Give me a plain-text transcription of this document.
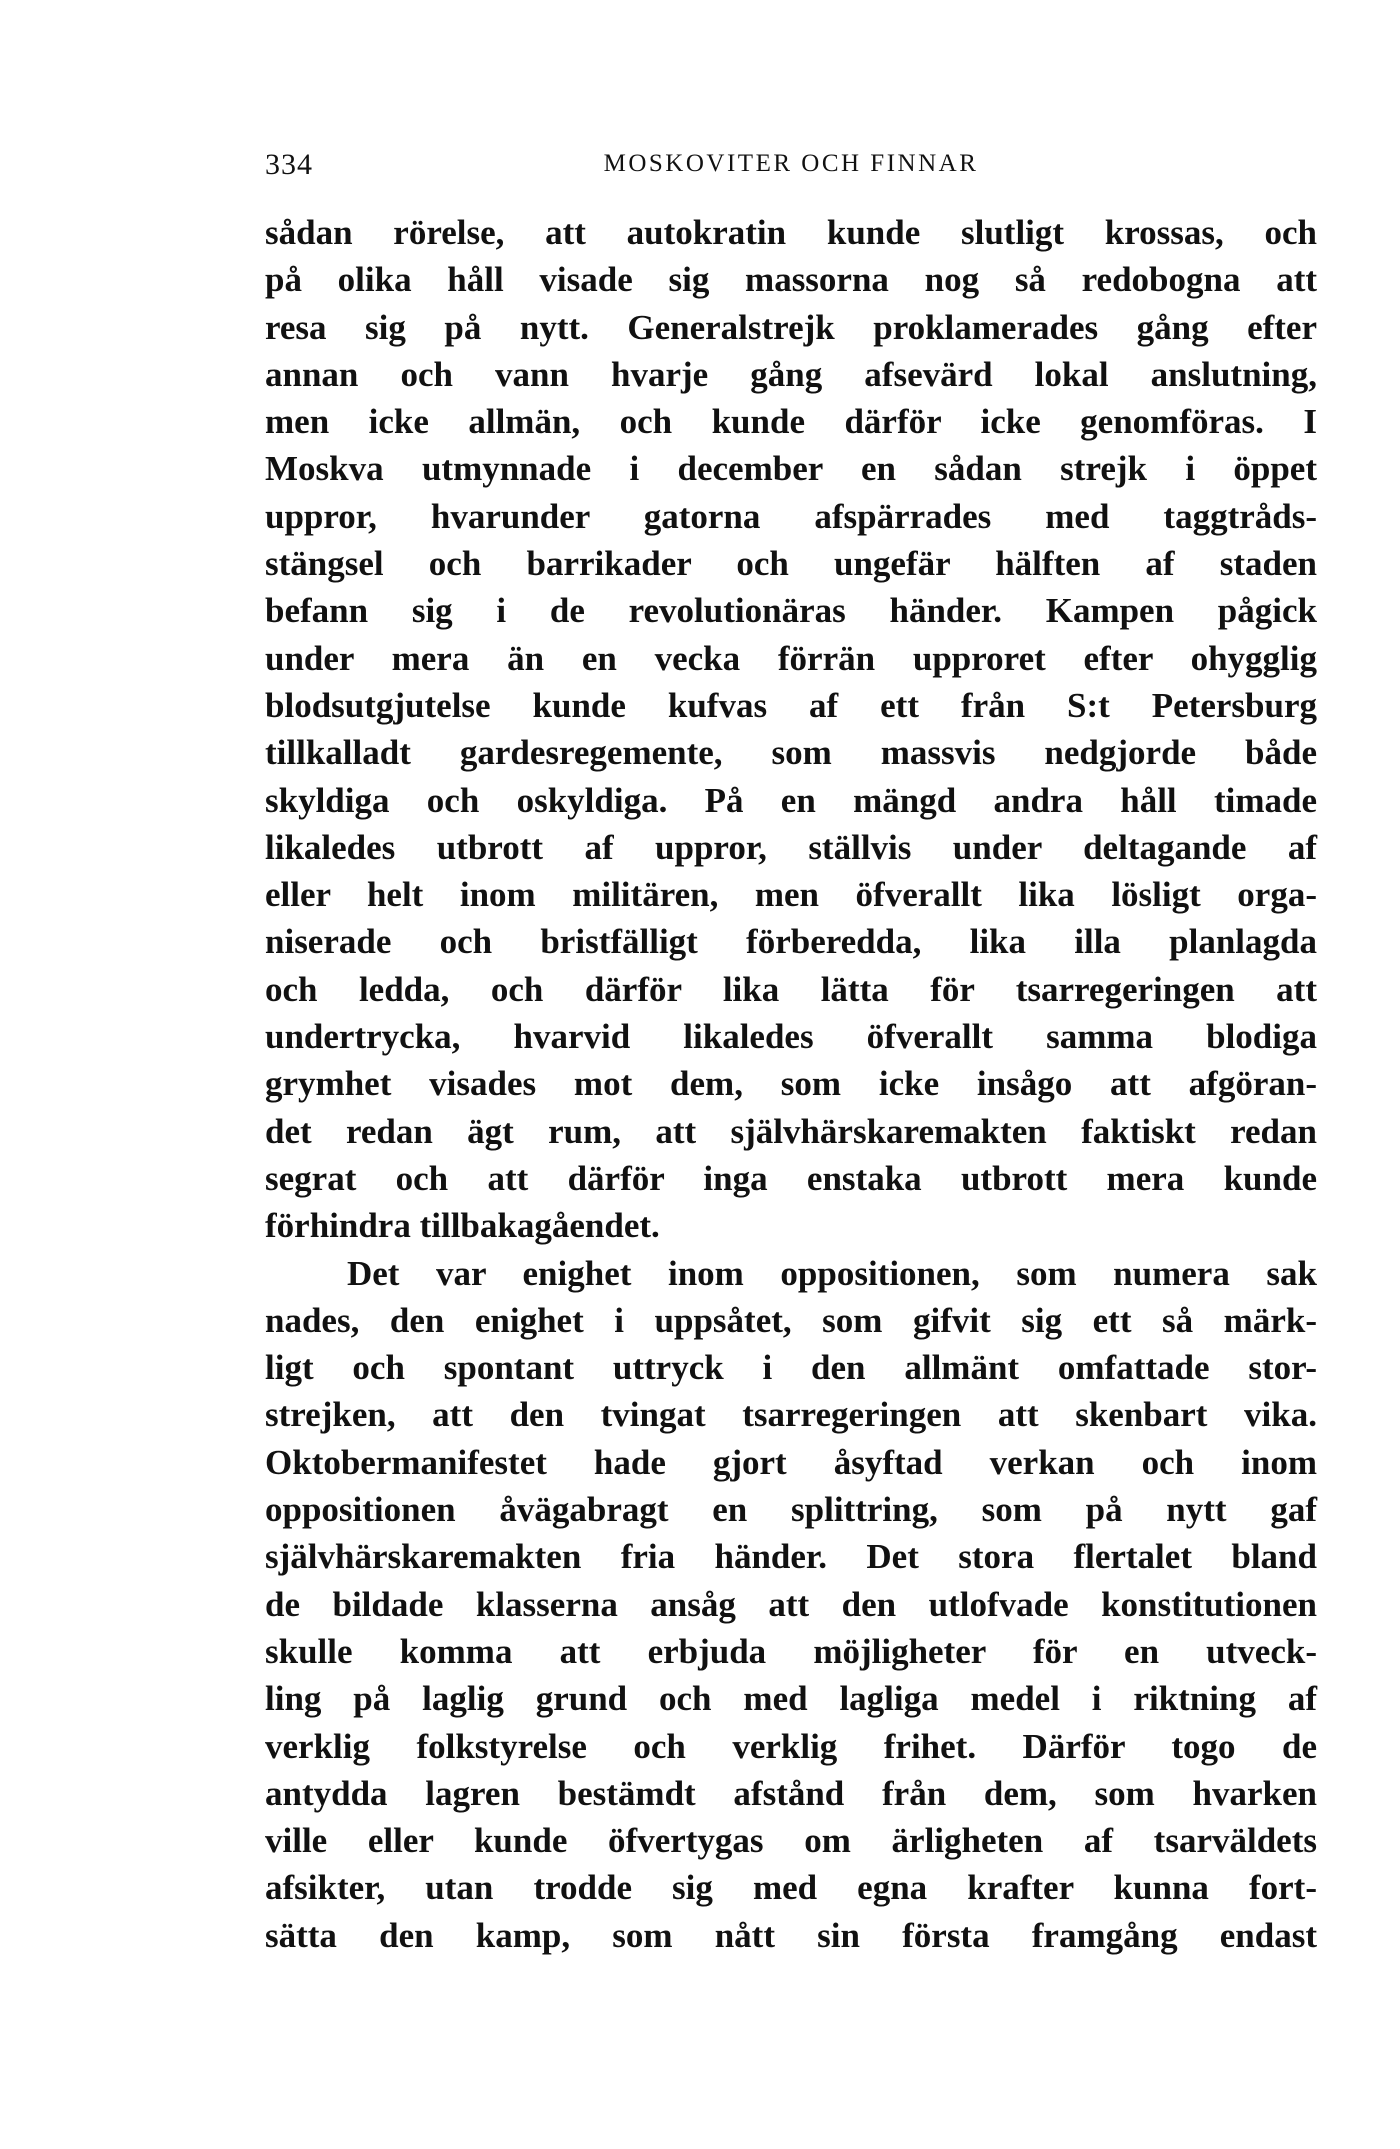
334	MOSKOVITER OCH FINNAR
sådan rörelse, att autokratin kunde slutligt krossas, och
på olika håll visade sig massorna nog så redobogna att
resa sig på nytt. Generalstrejk proklamerades gång efter
annan och vann hvarje gång afsevärd lokal anslutning,
men icke allmän, och kunde därför icke genomföras. I
Moskva utmynnade i december en sådan strejk i öppet
uppror, hvarunder gatorna afspärrades med taggtråds-
stängsel och barrikader och ungefär hälften af staden
befann sig i de revolutionäras händer. Kampen pågick
under mera än en vecka förrän upproret efter ohygglig
blodsutgjutelse kunde kufvas af ett från S:t Petersburg
tillkalladt gardesregemente, som massvis nedgjorde både
skyldiga och oskyldiga. På en mängd andra håll timade
likaledes utbrott af uppror, ställvis under deltagande af
eller helt inom militären, men öfverallt lika lösligt orga-
niserade och bristfälligt förberedda, lika illa planlagda
och ledda, och därför lika lätta för tsarregeringen att
undertrycka, hvarvid likaledes öfverallt samma blodiga
grymhet visades mot dem, som icke insågo att afgöran-
det redan ägt rum, att självhärskaremakten faktiskt redan
segrat och att därför inga enstaka utbrott mera kunde
förhindra tillbakagåendet.
Det var enighet inom oppositionen, som numera sak
nades, den enighet i uppsåtet, som gifvit sig ett så märk-
ligt och spontant uttryck i den allmänt omfattade stor-
strejken, att den tvingat tsarregeringen att skenbart vika.
Oktobermanifestet hade gjort åsyftad verkan och inom
oppositionen åvägabragt en splittring, som på nytt gaf
självhärskaremakten fria händer. Det stora flertalet bland
de bildade klasserna ansåg att den utlofvade konstitutionen
skulle komma att erbjuda möjligheter för en utveck-
ling på laglig grund och med lagliga medel i riktning af
verklig folkstyrelse och verklig frihet. Därför togo de
antydda lagren bestämdt afstånd från dem, som hvarken
ville eller kunde öfvertygas om ärligheten af tsarväldets
afsikter, utan trodde sig med egna krafter kunna fort-
sätta den kamp, som nått sin första framgång endast
